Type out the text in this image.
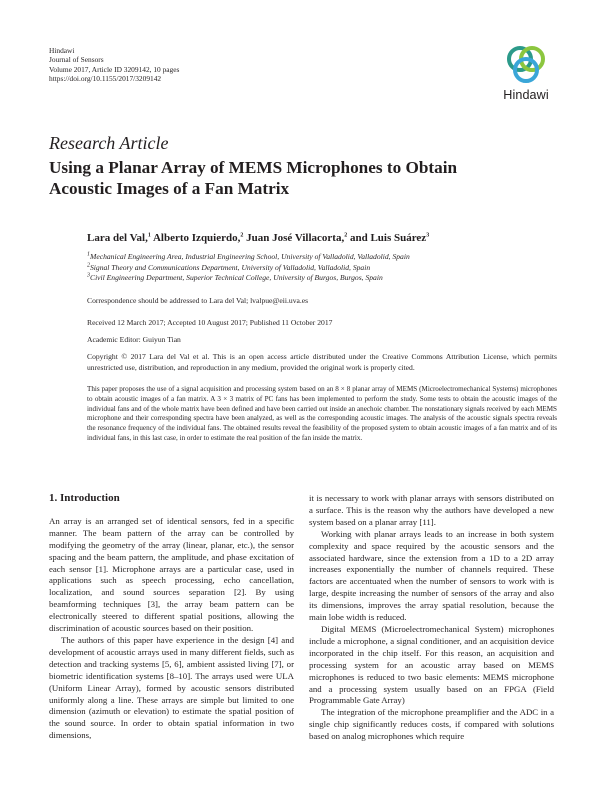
Hindawi
Journal of Sensors
Volume 2017, Article ID 3209142, 10 pages
https://doi.org/10.1155/2017/3209142
Hindawi
Research Article
Using a Planar Array of MEMS Microphones to Obtain Acoustic Images of a Fan Matrix
Lara del Val,$^1$ Alberto Izquierdo,$^2$ Juan José Villacorta,$^2$ and Luis Suárez$^3$
$^1$Mechanical Engineering Area, Industrial Engineering School, University of Valladolid, Valladolid, Spain
$^2$Signal Theory and Communications Department, University of Valladolid, Valladolid, Spain
$^3$Civil Engineering Department, Superior Technical College, University of Burgos, Burgos, Spain
Correspondence should be addressed to Lara del Val; lvalpue@eii.uva.es
Received 12 March 2017; Accepted 10 August 2017; Published 11 October 2017
Academic Editor: Guiyun Tian
Copyright © 2017 Lara del Val et al. This is an open access article distributed under the Creative Commons Attribution License, which permits unrestricted use, distribution, and reproduction in any medium, provided the original work is properly cited.

This paper proposes the use of a signal acquisition and processing system based on an 8 × 8 planar array of MEMS (Microelectromechanical Systems) microphones to obtain acoustic images of a fan matrix. A 3 × 3 matrix of PC fans has been implemented to perform the study. Some tests to obtain the acoustic images of the individual fans and of the whole matrix have been defined and have been carried out inside an anechoic chamber. The nonstationary signals received by each MEMS microphone and their corresponding spectra have been analyzed, as well as the corresponding acoustic images. The analysis of the acoustic signals spectra reveals the resonance frequency of the individual fans. The obtained results reveal the feasibility of the proposed system to obtain acoustic images of a fan matrix and of its individual fans, in this last case, in order to estimate the real position of the fan inside the matrix.

1. Introduction

An array is an arranged set of identical sensors, fed in a specific manner. The beam pattern of the array can be controlled by modifying the geometry of the array (linear, planar, etc.), the sensor spacing and the beam pattern, the amplitude, and phase excitation of each sensor [1]. Microphone arrays are a particular case, used in applications such as speech processing, echo cancellation, localization, and sound sources separation [2]. By using beamforming techniques [3], the array beam pattern can be electronically steered to different spatial positions, allowing the discrimination of acoustic sources based on their position.

The authors of this paper have experience in the design [4] and development of acoustic arrays used in many different fields, such as detection and tracking systems [5, 6], ambient assisted living [7], or biometric identification systems [8–10]. The arrays used were ULA (Uniform Linear Array), formed by acoustic sensors distributed uniformly along a line. These arrays are simple but limited to one dimension (azimuth or elevation) to estimate the spatial position of the sound source. In order to obtain spatial information in two dimensions,

it is necessary to work with planar arrays with sensors distributed on a surface. This is the reason why the authors have developed a new system based on a planar array [11].

Working with planar arrays leads to an increase in both system complexity and space required by the acoustic sensors and the associated hardware, since the extension from a 1D to a 2D array increases exponentially the number of channels required. These factors are accentuated when the number of sensors to work with is large, despite increasing the number of sensors of the array and also its dimensions, improves the array spatial resolution, because the main lobe width is reduced.

Digital MEMS (Microelectromechanical System) microphones include a microphone, a signal conditioner, and an acquisition device incorporated in the chip itself. For this reason, an acquisition and processing system for an acoustic array based on MEMS microphones is reduced to two basic elements: MEMS microphone and a processing system usually based on an FPGA (Field Programmable Gate Array)

The integration of the microphone preamplifier and the ADC in a single chip significantly reduces costs, if compared with solutions based on analog microphones which require
